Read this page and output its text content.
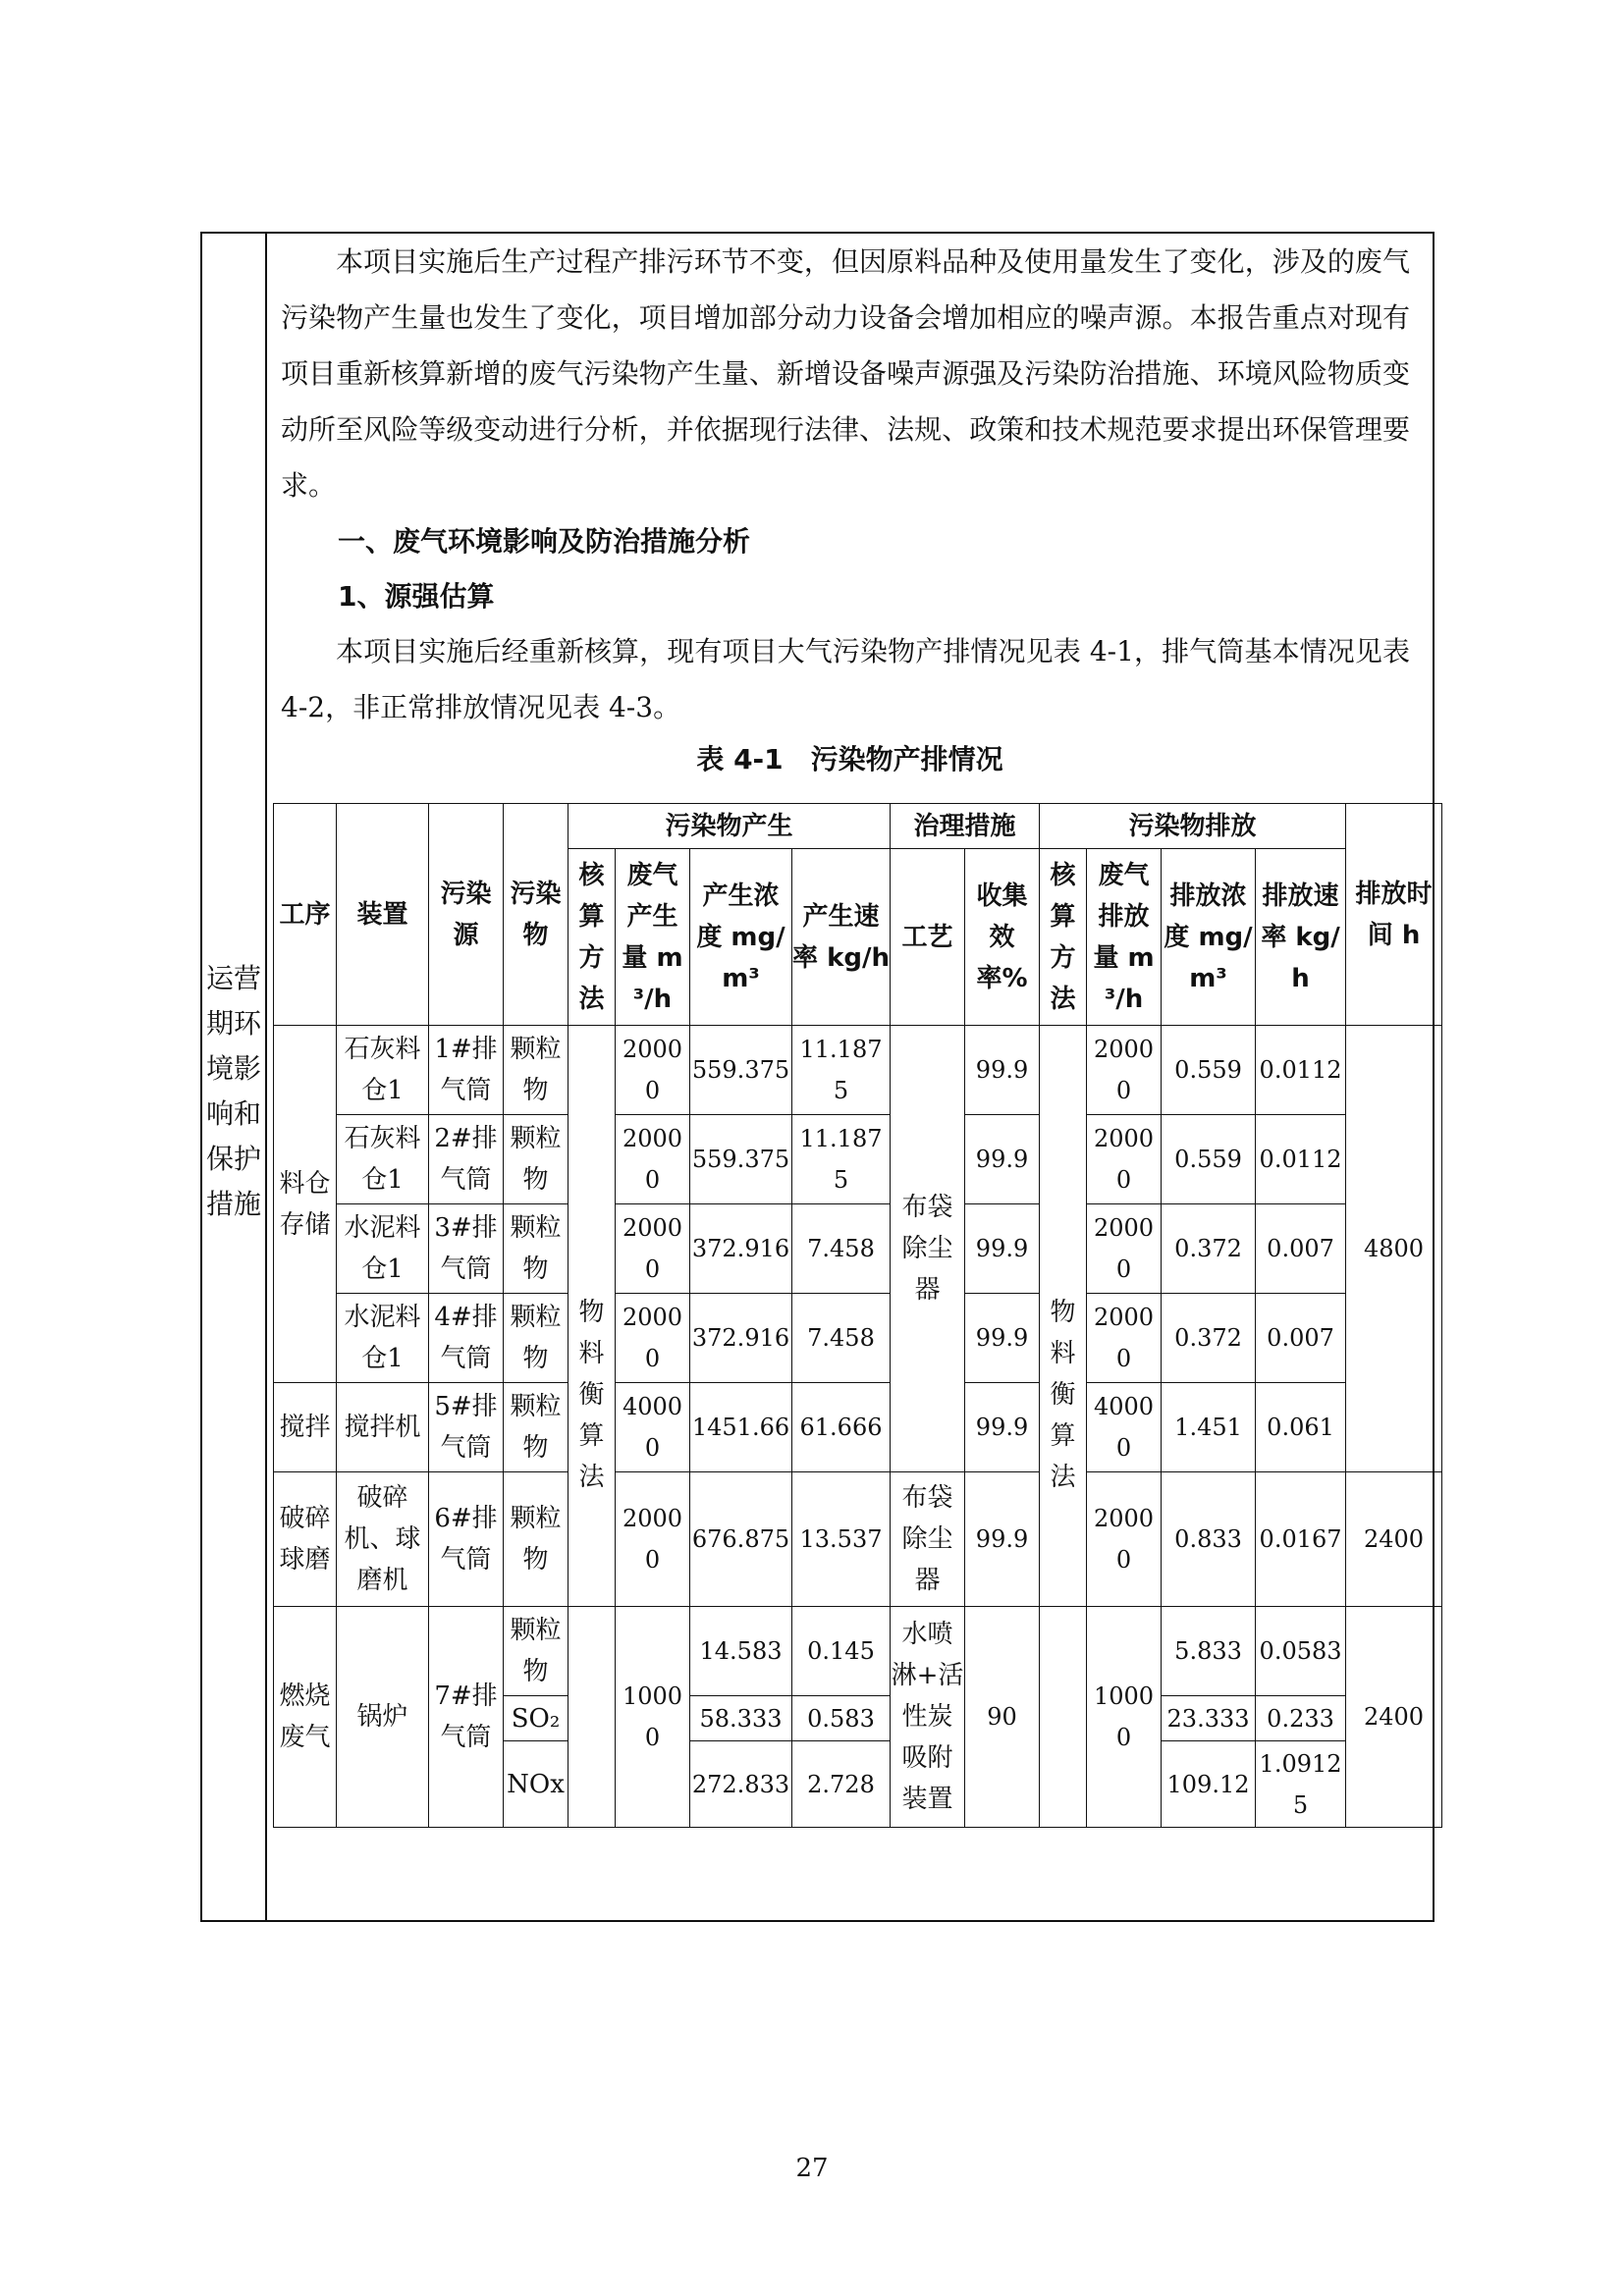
运营
期环
境影
响和
保护
措施

本项目实施后生产过程产排污环节不变，但因原料品种及使用量发生了变化，涉及的废气污染物产生量也发生了变化，项目增加部分动力设备会增加相应的噪声源。本报告重点对现有项目重新核算新增的废气污染物产生量、新增设备噪声源强及污染防治措施、环境风险物质变动所至风险等级变动进行分析，并依据现行法律、法规、政策和技术规范要求提出环保管理要求。

一、废气环境影响及防治措施分析

1、源强估算

本项目实施后经重新核算，现有项目大气污染物产排情况见表 4-1，排气筒基本情况见表 4-2，非正常排放情况见表 4-3。

表 4-1　污染物产排情况
工序	装置	污染源	污染物	污染物产生				治理措施		污染物排放				排放时间 h
				核算方法	废气产生量 m³/h	产生浓度 mg/m³	产生速率 kg/h	工艺	收集效率%	核算方法	废气排放量 m³/h	排放浓度 mg/m³	排放速率 kg/h	
料仓存储	石灰料仓1	1#排气筒	颗粒物	物料衡算法	20000	559.375	11.1875	布袋除尘器	99.9	物料衡算法	20000	0.559	0.0112	4800
	石灰料仓1	2#排气筒	颗粒物		20000	559.375	11.1875		99.9		20000	0.559	0.0112	
	水泥料仓1	3#排气筒	颗粒物		20000	372.916	7.458		99.9		20000	0.372	0.007	
	水泥料仓1	4#排气筒	颗粒物		20000	372.916	7.458		99.9		20000	0.372	0.007	
搅拌	搅拌机	5#排气筒	颗粒物		40000	1451.66	61.666		99.9		40000	1.451	0.061	
破碎球磨	破碎机、球磨机	6#排气筒	颗粒物		20000	676.875	13.537	布袋除尘器	99.9		20000	0.833	0.0167	2400
燃烧废气	锅炉	7#排气筒	颗粒物		10000	14.583	0.145	水喷淋+活性炭吸附装置	90		10000	5.833	0.0583	2400
			SO₂			58.333	0.583					23.333	0.233	
			NOx			272.833	2.728					109.12	1.09125	
27
